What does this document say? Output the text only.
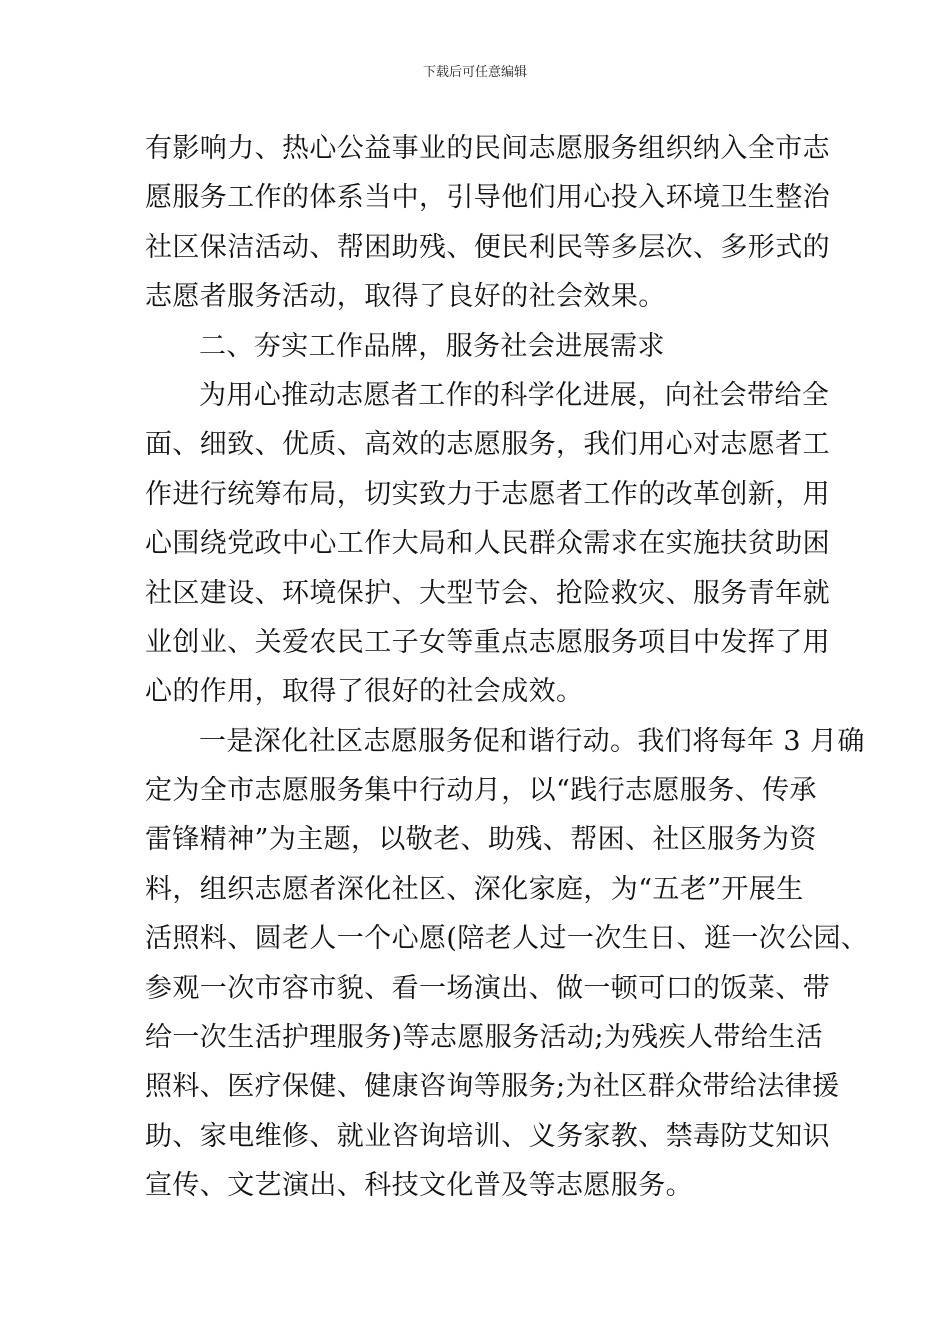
下载后可任意编辑
有影响力、热心公益事业的民间志愿服务组织纳入全市志
愿服务工作的体系当中，引导他们用心投入环境卫生整治
社区保洁活动、帮困助残、便民利民等多层次、多形式的
志愿者服务活动，取得了良好的社会效果。
二、夯实工作品牌，服务社会进展需求
为用心推动志愿者工作的科学化进展，向社会带给全
面、细致、优质、高效的志愿服务，我们用心对志愿者工
作进行统筹布局，切实致力于志愿者工作的改革创新，用
心围绕党政中心工作大局和人民群众需求在实施扶贫助困
社区建设、环境保护、大型节会、抢险救灾、服务青年就
业创业、关爱农民工子女等重点志愿服务项目中发挥了用
心的作用，取得了很好的社会成效。
一是深化社区志愿服务促和谐行动。我们将每年 3 月确
定为全市志愿服务集中行动月，以“践行志愿服务、传承
雷锋精神”为主题，以敬老、助残、帮困、社区服务为资
料，组织志愿者深化社区、深化家庭，为“五老”开展生
活照料、圆老人一个心愿(陪老人过一次生日、逛一次公园、
参观一次市容市貌、看一场演出、做一顿可口的饭菜、带
给一次生活护理服务)等志愿服务活动;为残疾人带给生活
照料、医疗保健、健康咨询等服务;为社区群众带给法律援
助、家电维修、就业咨询培训、义务家教、禁毒防艾知识
宣传、文艺演出、科技文化普及等志愿服务。
